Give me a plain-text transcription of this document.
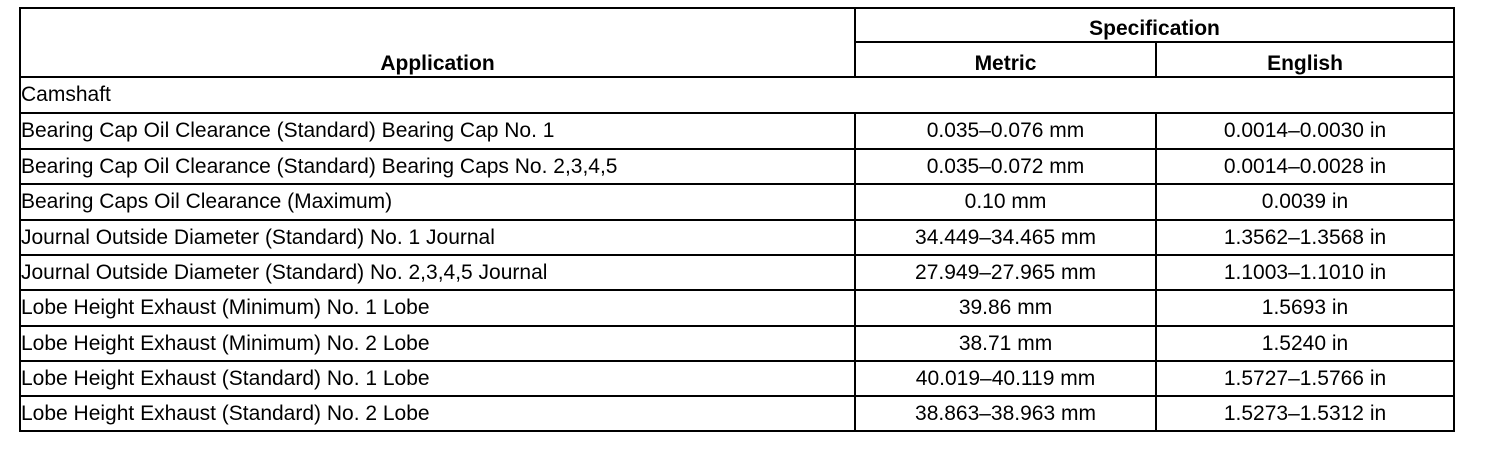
Application	Specification	
	Metric	English
Camshaft		
Bearing Cap Oil Clearance (Standard) Bearing Cap No. 1	0.035–0.076 mm	0.0014–0.0030 in
Bearing Cap Oil Clearance (Standard) Bearing Caps No. 2,3,4,5	0.035–0.072 mm	0.0014–0.0028 in
Bearing Caps Oil Clearance (Maximum)	0.10 mm	0.0039 in
Journal Outside Diameter (Standard) No. 1 Journal	34.449–34.465 mm	1.3562–1.3568 in
Journal Outside Diameter (Standard) No. 2,3,4,5 Journal	27.949–27.965 mm	1.1003–1.1010 in
Lobe Height Exhaust (Minimum) No. 1 Lobe	39.86 mm	1.5693 in
Lobe Height Exhaust (Minimum) No. 2 Lobe	38.71 mm	1.5240 in
Lobe Height Exhaust (Standard) No. 1 Lobe	40.019–40.119 mm	1.5727–1.5766 in
Lobe Height Exhaust (Standard) No. 2 Lobe	38.863–38.963 mm	1.5273–1.5312 in
